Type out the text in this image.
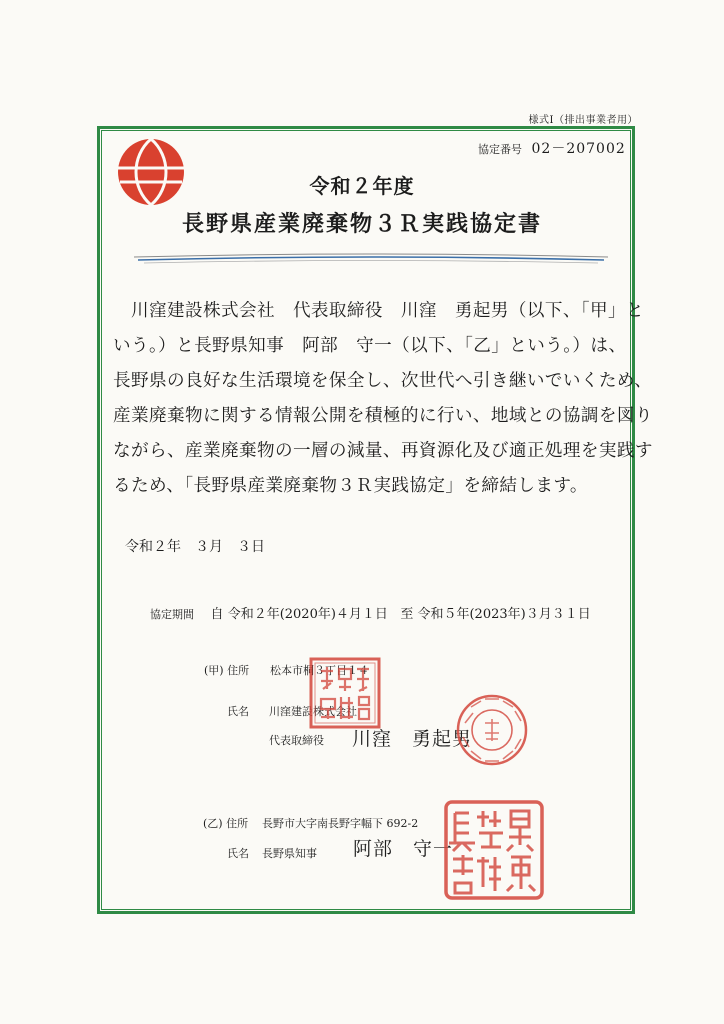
様式Ⅰ（排出事業者用）
協定番号 02－207002
令和２年度
長野県産業廃棄物３Ｒ実践協定書

　川窪建設株式会社　代表取締役　川窪　勇起男（以下、「甲」と

いう。）と長野県知事　阿部　守一（以下、「乙」という。）は、

長野県の良好な生活環境を保全し、次世代へ引き継いでいくため、

産業廃棄物に関する情報公開を積極的に行い、地域との協調を図り

ながら、産業廃棄物の一層の減量、再資源化及び適正処理を実践す

るため、「長野県産業廃棄物３Ｒ実践協定」を締結します。

令和２年　３月　３日
協定期間 自 令和２年(2020年)４月１日 至 令和５年(2023年)３月３１日
(甲) 住所 松本市桐３丁目１４
氏名 川窪建設株式会社
代表取締役 川窪　勇起男
(乙) 住所 長野市大字南長野字幅下 692-2
氏名 長野県知事 阿部　守一
